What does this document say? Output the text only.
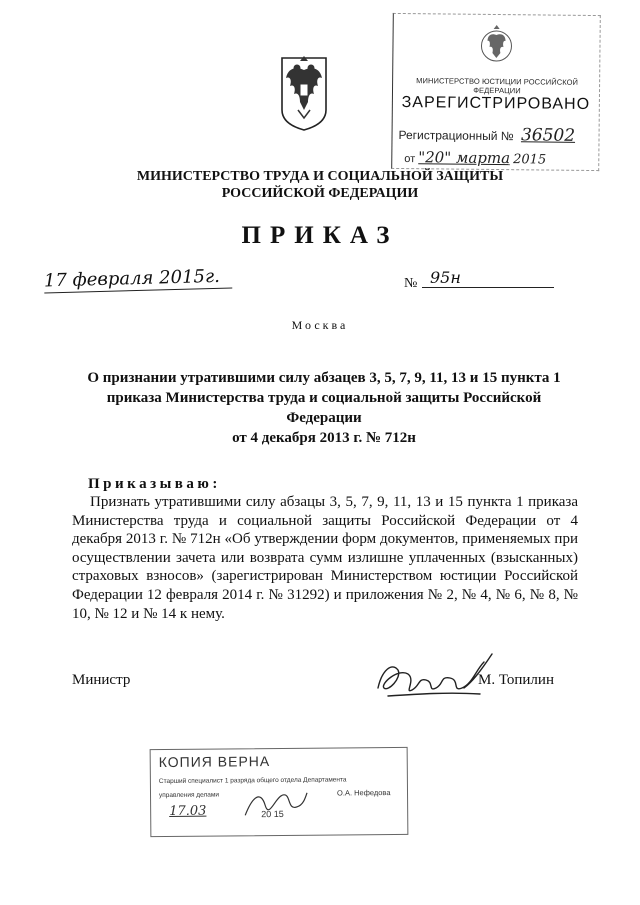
МИНИСТЕРСТВО ЮСТИЦИИ РОССИЙСКОЙ ФЕДЕРАЦИИ
ЗАРЕГИСТРИРОВАНО
Регистрационный № 36502
от "20" марта 2015
МИНИСТЕРСТВО ТРУДА И СОЦИАЛЬНОЙ ЗАЩИТЫ
РОССИЙСКОЙ ФЕДЕРАЦИИ
ПРИКАЗ
17 февраля 2015г.	№ 95н
Москва
О признании утратившими силу абзацев 3, 5, 7, 9, 11, 13 и 15 пункта 1
приказа Министерства труда и социальной защиты Российской Федерации
от 4 декабря 2013 г. № 712н
Приказываю:
Признать утратившими силу абзацы 3, 5, 7, 9, 11, 13 и 15 пункта 1 приказа Министерства труда и социальной защиты Российской Федерации от 4 декабря 2013 г. № 712н «Об утверждении форм документов, применяемых при осуществлении зачета или возврата сумм излишне уплаченных (взысканных) страховых взносов» (зарегистрирован Министерством юстиции Российской Федерации 12 февраля 2014 г. № 31292) и приложения № 2, № 4, № 6, № 8, № 10, № 12 и № 14 к нему.
Министр	М. Топилин
КОПИЯ ВЕРНА
Старший специалист 1 разряда общего отдела Департамента
управления делами	О.А. Нефедова
17.03	20 15
